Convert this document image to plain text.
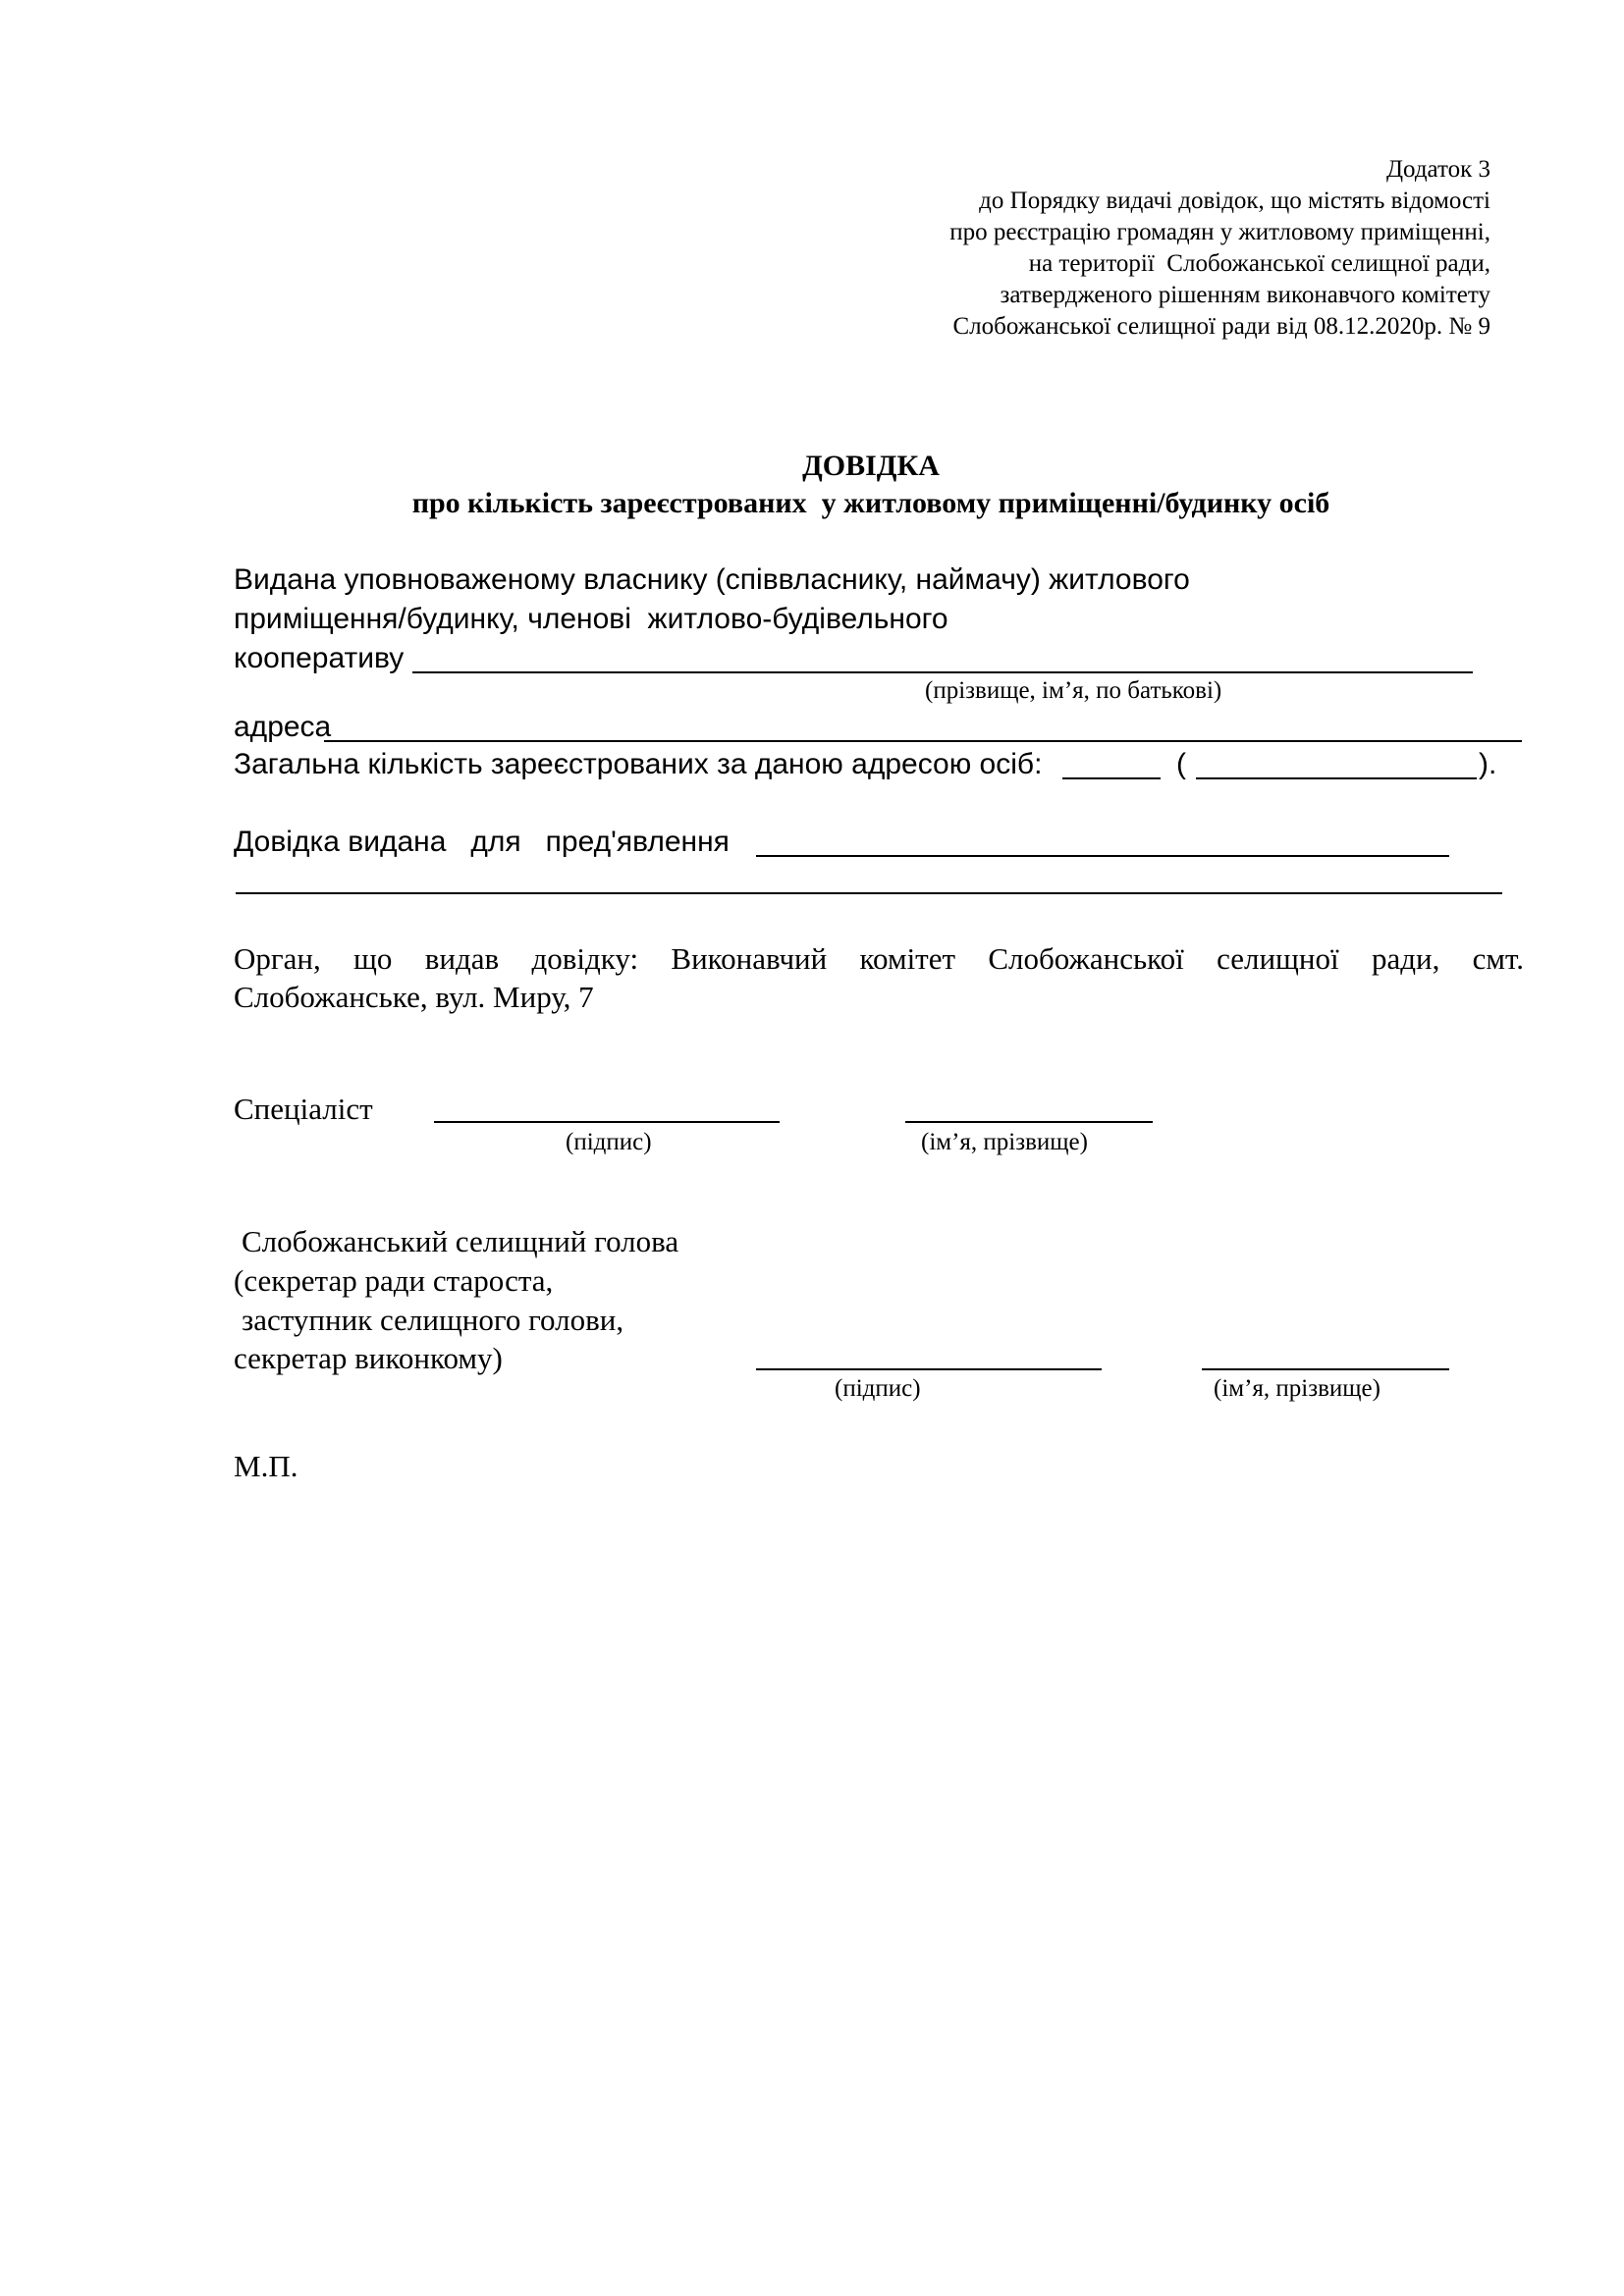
Додаток 3
до Порядку видачі довідок, що містять відомості
про реєстрацію громадян у житловому приміщенні,
на території  Слобожанської селищної ради,
затвердженого рішенням виконавчого комітету
Слобожанської селищної ради від 08.12.2020р. № 9
ДОВІДКА
про кількість зареєстрованих  у житловому приміщенні/будинку осіб
Видана уповноваженому власнику (співвласнику, наймачу) житлового
приміщення/будинку, членові  житлово-будівельного
кооперативу
(прізвище, ім’я, по батькові)
адреса
Загальна кількість зареєстрованих за даною адресою осіб:	(	).
Довідка видана   для   пред'явлення
Орган, що видав довідку: Виконавчий комітет Слобожанської селищної ради, смт.
Слобожанське, вул. Миру, 7
Спеціаліст
(підпис)	(ім’я, прізвище)
Слобожанський селищний голова
(секретар ради староста,
заступник селищного голови,
секретар виконкому)
(підпис)	(ім’я, прізвище)
М.П.
